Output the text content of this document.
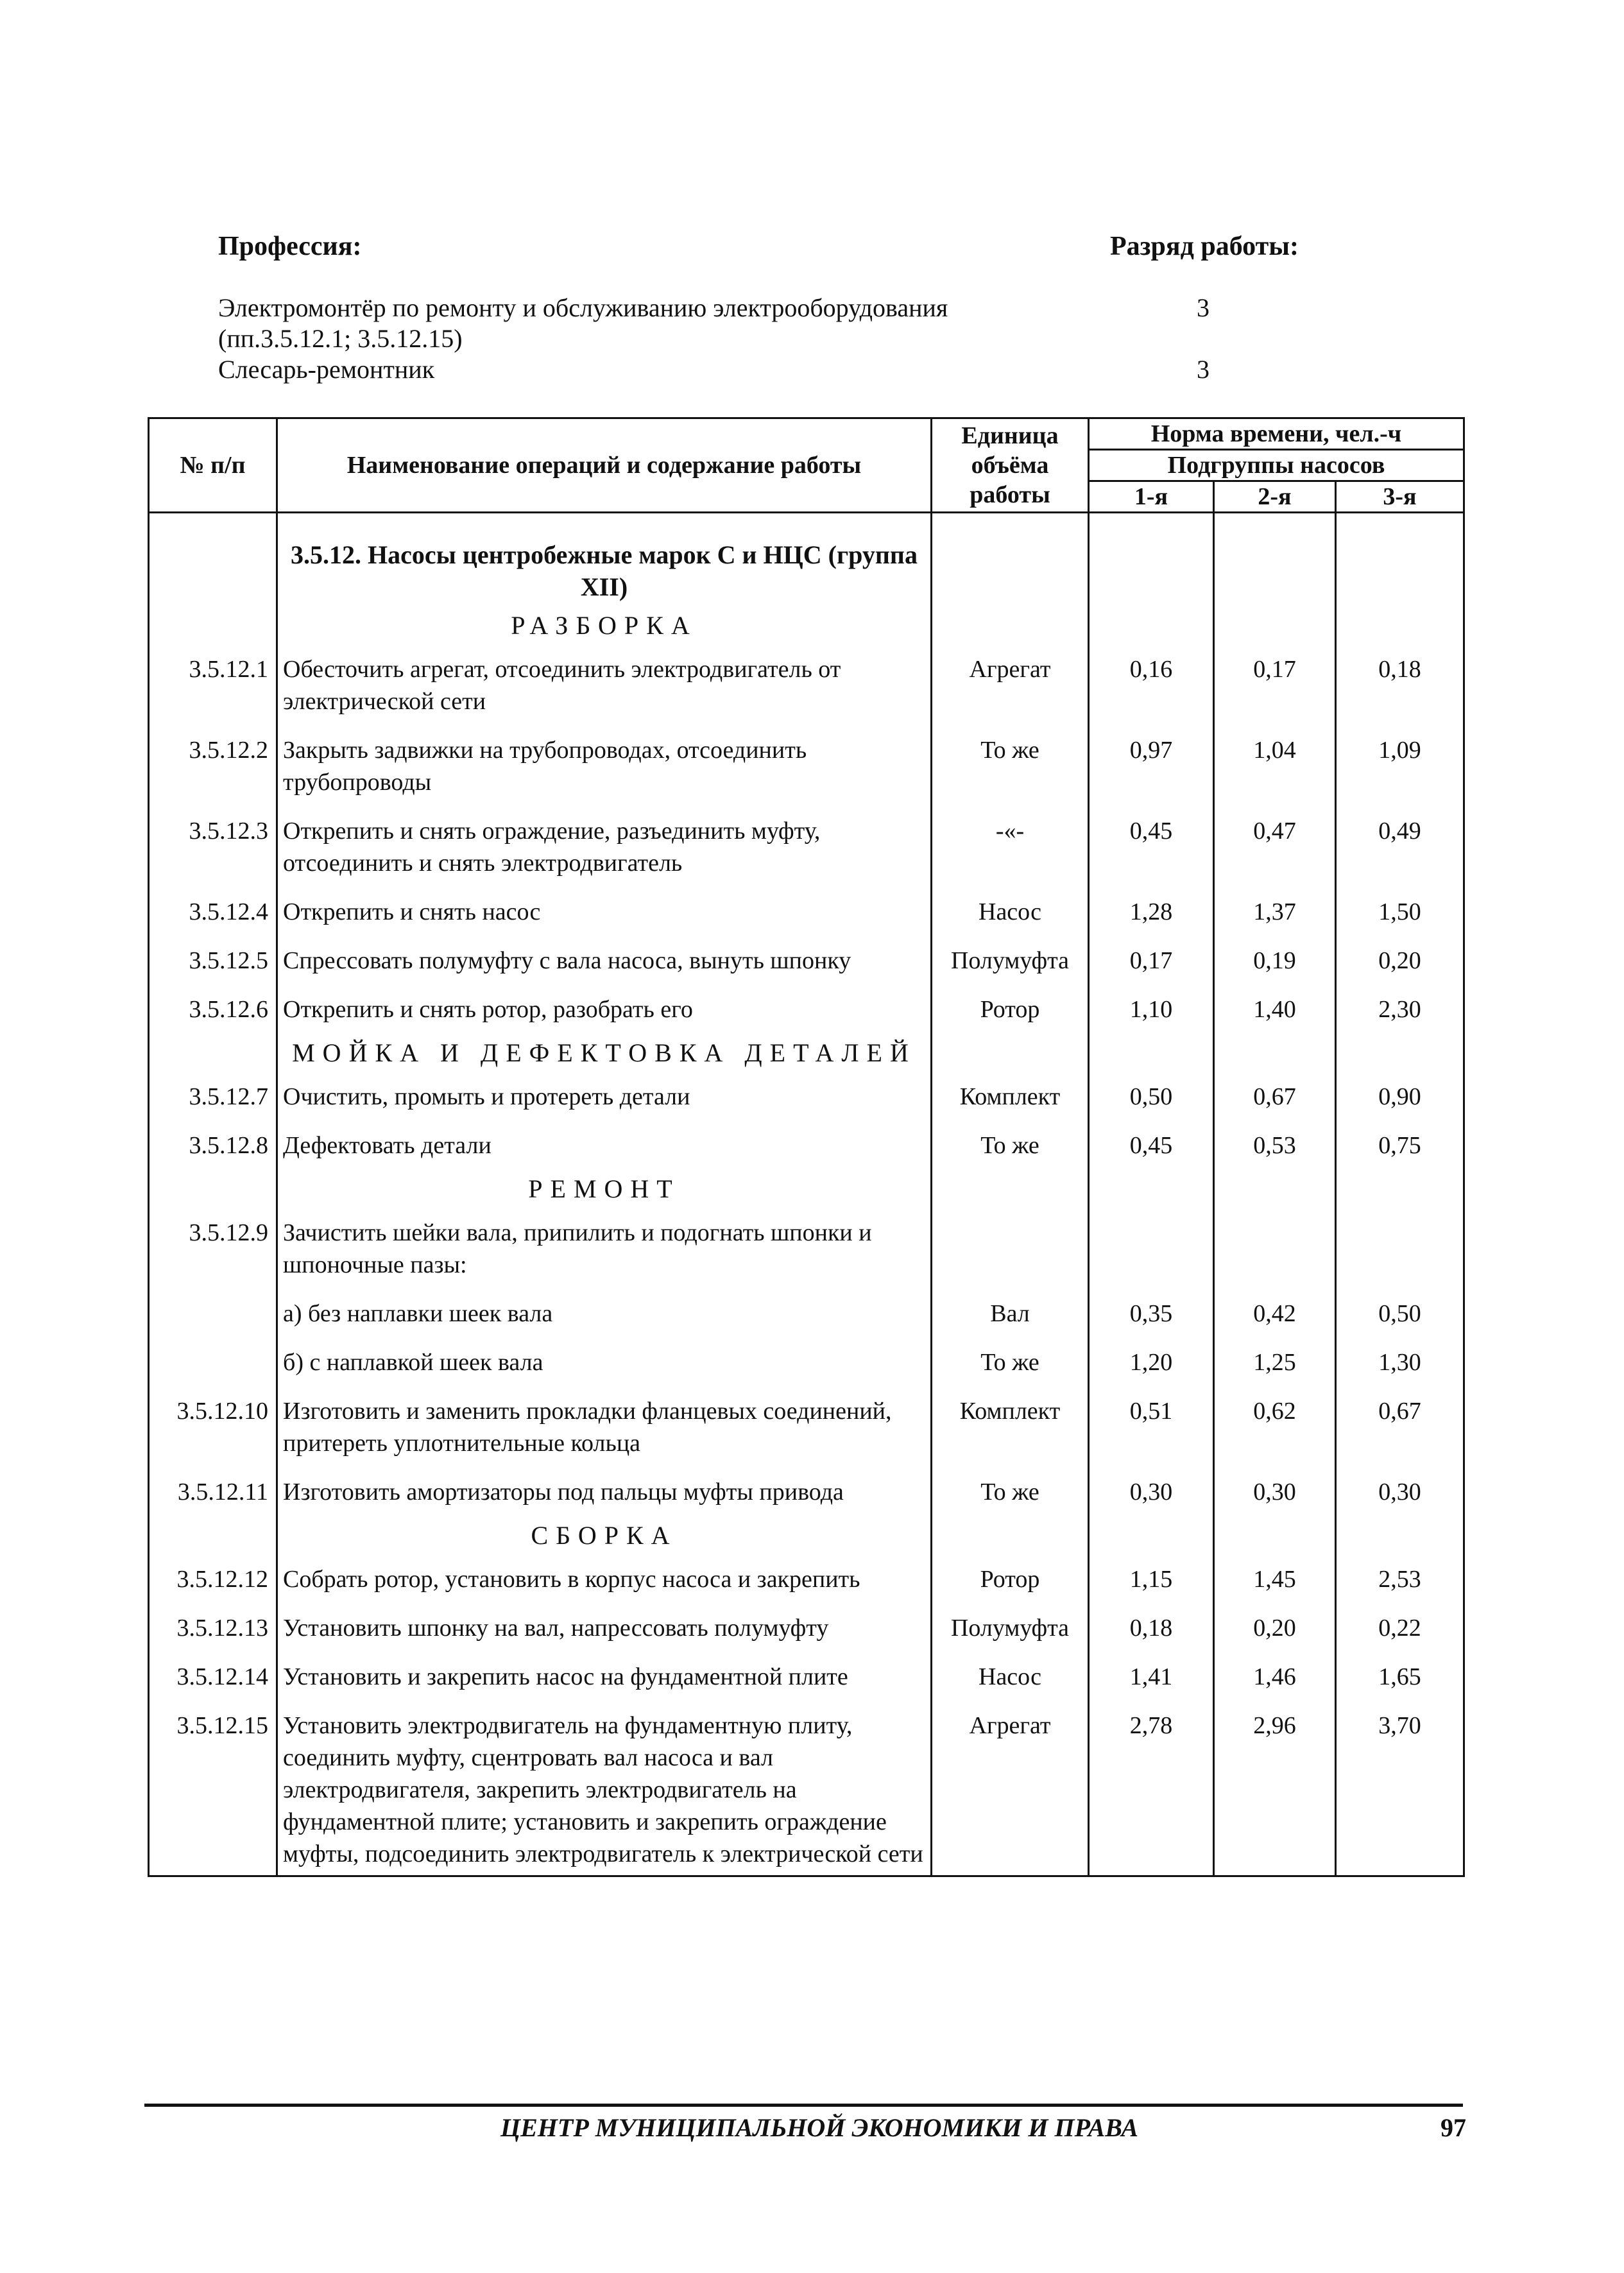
Профессия:	Разряд работы:
Электромонтёр по ремонту и обслуживанию электрооборудования	3
(пп.3.5.12.1; 3.5.12.15)
Слесарь-ремонтник	3
№ п/п	Наименование операций и содержание работы	Единица объёма работы	Норма времени, чел.-ч		
			Подгруппы насосов		
			1-я	2-я	3-я
	3.5.12. Насосы центробежные марок С и НЦС (группа XII)				
	РАЗБОРКА				
3.5.12.1	Обесточить агрегат, отсоединить электродвигатель от электрической сети	Агрегат	0,16	0,17	0,18
3.5.12.2	Закрыть задвижки на трубопроводах, отсоединить трубопроводы	То же	0,97	1,04	1,09
3.5.12.3	Открепить и снять ограждение, разъединить муфту, отсоединить и снять электродвигатель	-«-	0,45	0,47	0,49
3.5.12.4	Открепить и снять насос	Насос	1,28	1,37	1,50
3.5.12.5	Спрессовать полумуфту с вала насоса, вынуть шпонку	Полумуфта	0,17	0,19	0,20
3.5.12.6	Открепить и снять ротор, разобрать его	Ротор	1,10	1,40	2,30
	МОЙКА И ДЕФЕКТОВКА ДЕТАЛЕЙ				
3.5.12.7	Очистить, промыть и протереть детали	Комплект	0,50	0,67	0,90
3.5.12.8	Дефектовать детали	То же	0,45	0,53	0,75
	РЕМОНТ				
3.5.12.9	Зачистить шейки вала, припилить и подогнать шпонки и шпоночные пазы:				
	а) без наплавки шеек вала	Вал	0,35	0,42	0,50
	б) с наплавкой шеек вала	То же	1,20	1,25	1,30
3.5.12.10	Изготовить и заменить прокладки фланцевых соединений, притереть уплотнительные кольца	Комплект	0,51	0,62	0,67
3.5.12.11	Изготовить амортизаторы под пальцы муфты привода	То же	0,30	0,30	0,30
	СБОРКА				
3.5.12.12	Собрать ротор, установить в корпус насоса и закрепить	Ротор	1,15	1,45	2,53
3.5.12.13	Установить шпонку на вал, напрессовать полумуфту	Полумуфта	0,18	0,20	0,22
3.5.12.14	Установить и закрепить насос на фундаментной плите	Насос	1,41	1,46	1,65
3.5.12.15	Установить электродвигатель на фундаментную плиту, соединить муфту, сцентровать вал насоса и вал электродвигателя, закрепить электродвигатель на фундаментной плите; установить и закрепить ограждение муфты, подсоединить электродвигатель к электрической сети	Агрегат	2,78	2,96	3,70
ЦЕНТР МУНИЦИПАЛЬНОЙ ЭКОНОМИКИ И ПРАВА	97
